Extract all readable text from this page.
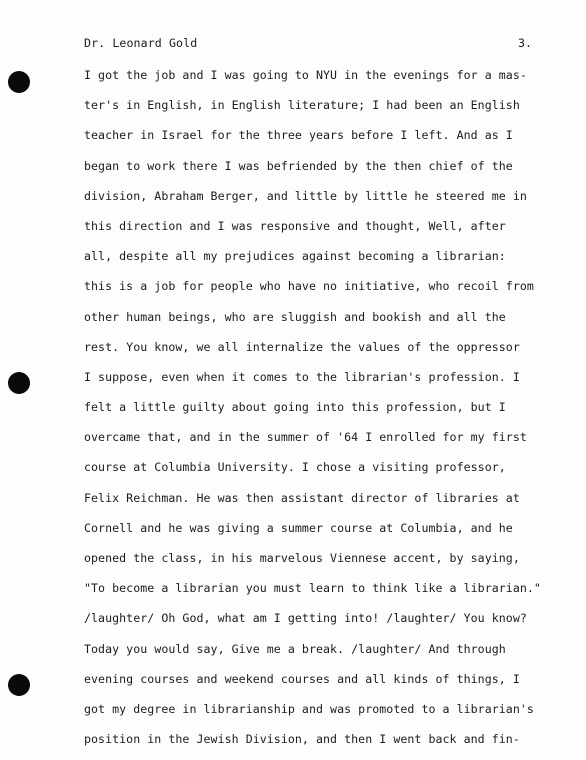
Dr. Leonard Gold	3.
I got the job and I was going to NYU in the evenings for a mas-
ter's in English, in English literature; I had been an English
teacher in Israel for the three years before I left. And as I
began to work there I was befriended by the then chief of the
division, Abraham Berger, and little by little he steered me in
this direction and I was responsive and thought, Well, after
all, despite all my prejudices against becoming a librarian:
this is a job for people who have no initiative, who recoil from
other human beings, who are sluggish and bookish and all the
rest. You know, we all internalize the values of the oppressor
I suppose, even when it comes to the librarian's profession. I
felt a little guilty about going into this profession, but I
overcame that, and in the summer of '64 I enrolled for my first
course at Columbia University. I chose a visiting professor,
Felix Reichman. He was then assistant director of libraries at
Cornell and he was giving a summer course at Columbia, and he
opened the class, in his marvelous Viennese accent, by saying,
"To become a librarian you must learn to think like a librarian."
/laughter/ Oh God, what am I getting into! /laughter/ You know?
Today you would say, Give me a break. /laughter/ And through
evening courses and weekend courses and all kinds of things, I
got my degree in librarianship and was promoted to a librarian's
position in the Jewish Division, and then I went back and fin-
